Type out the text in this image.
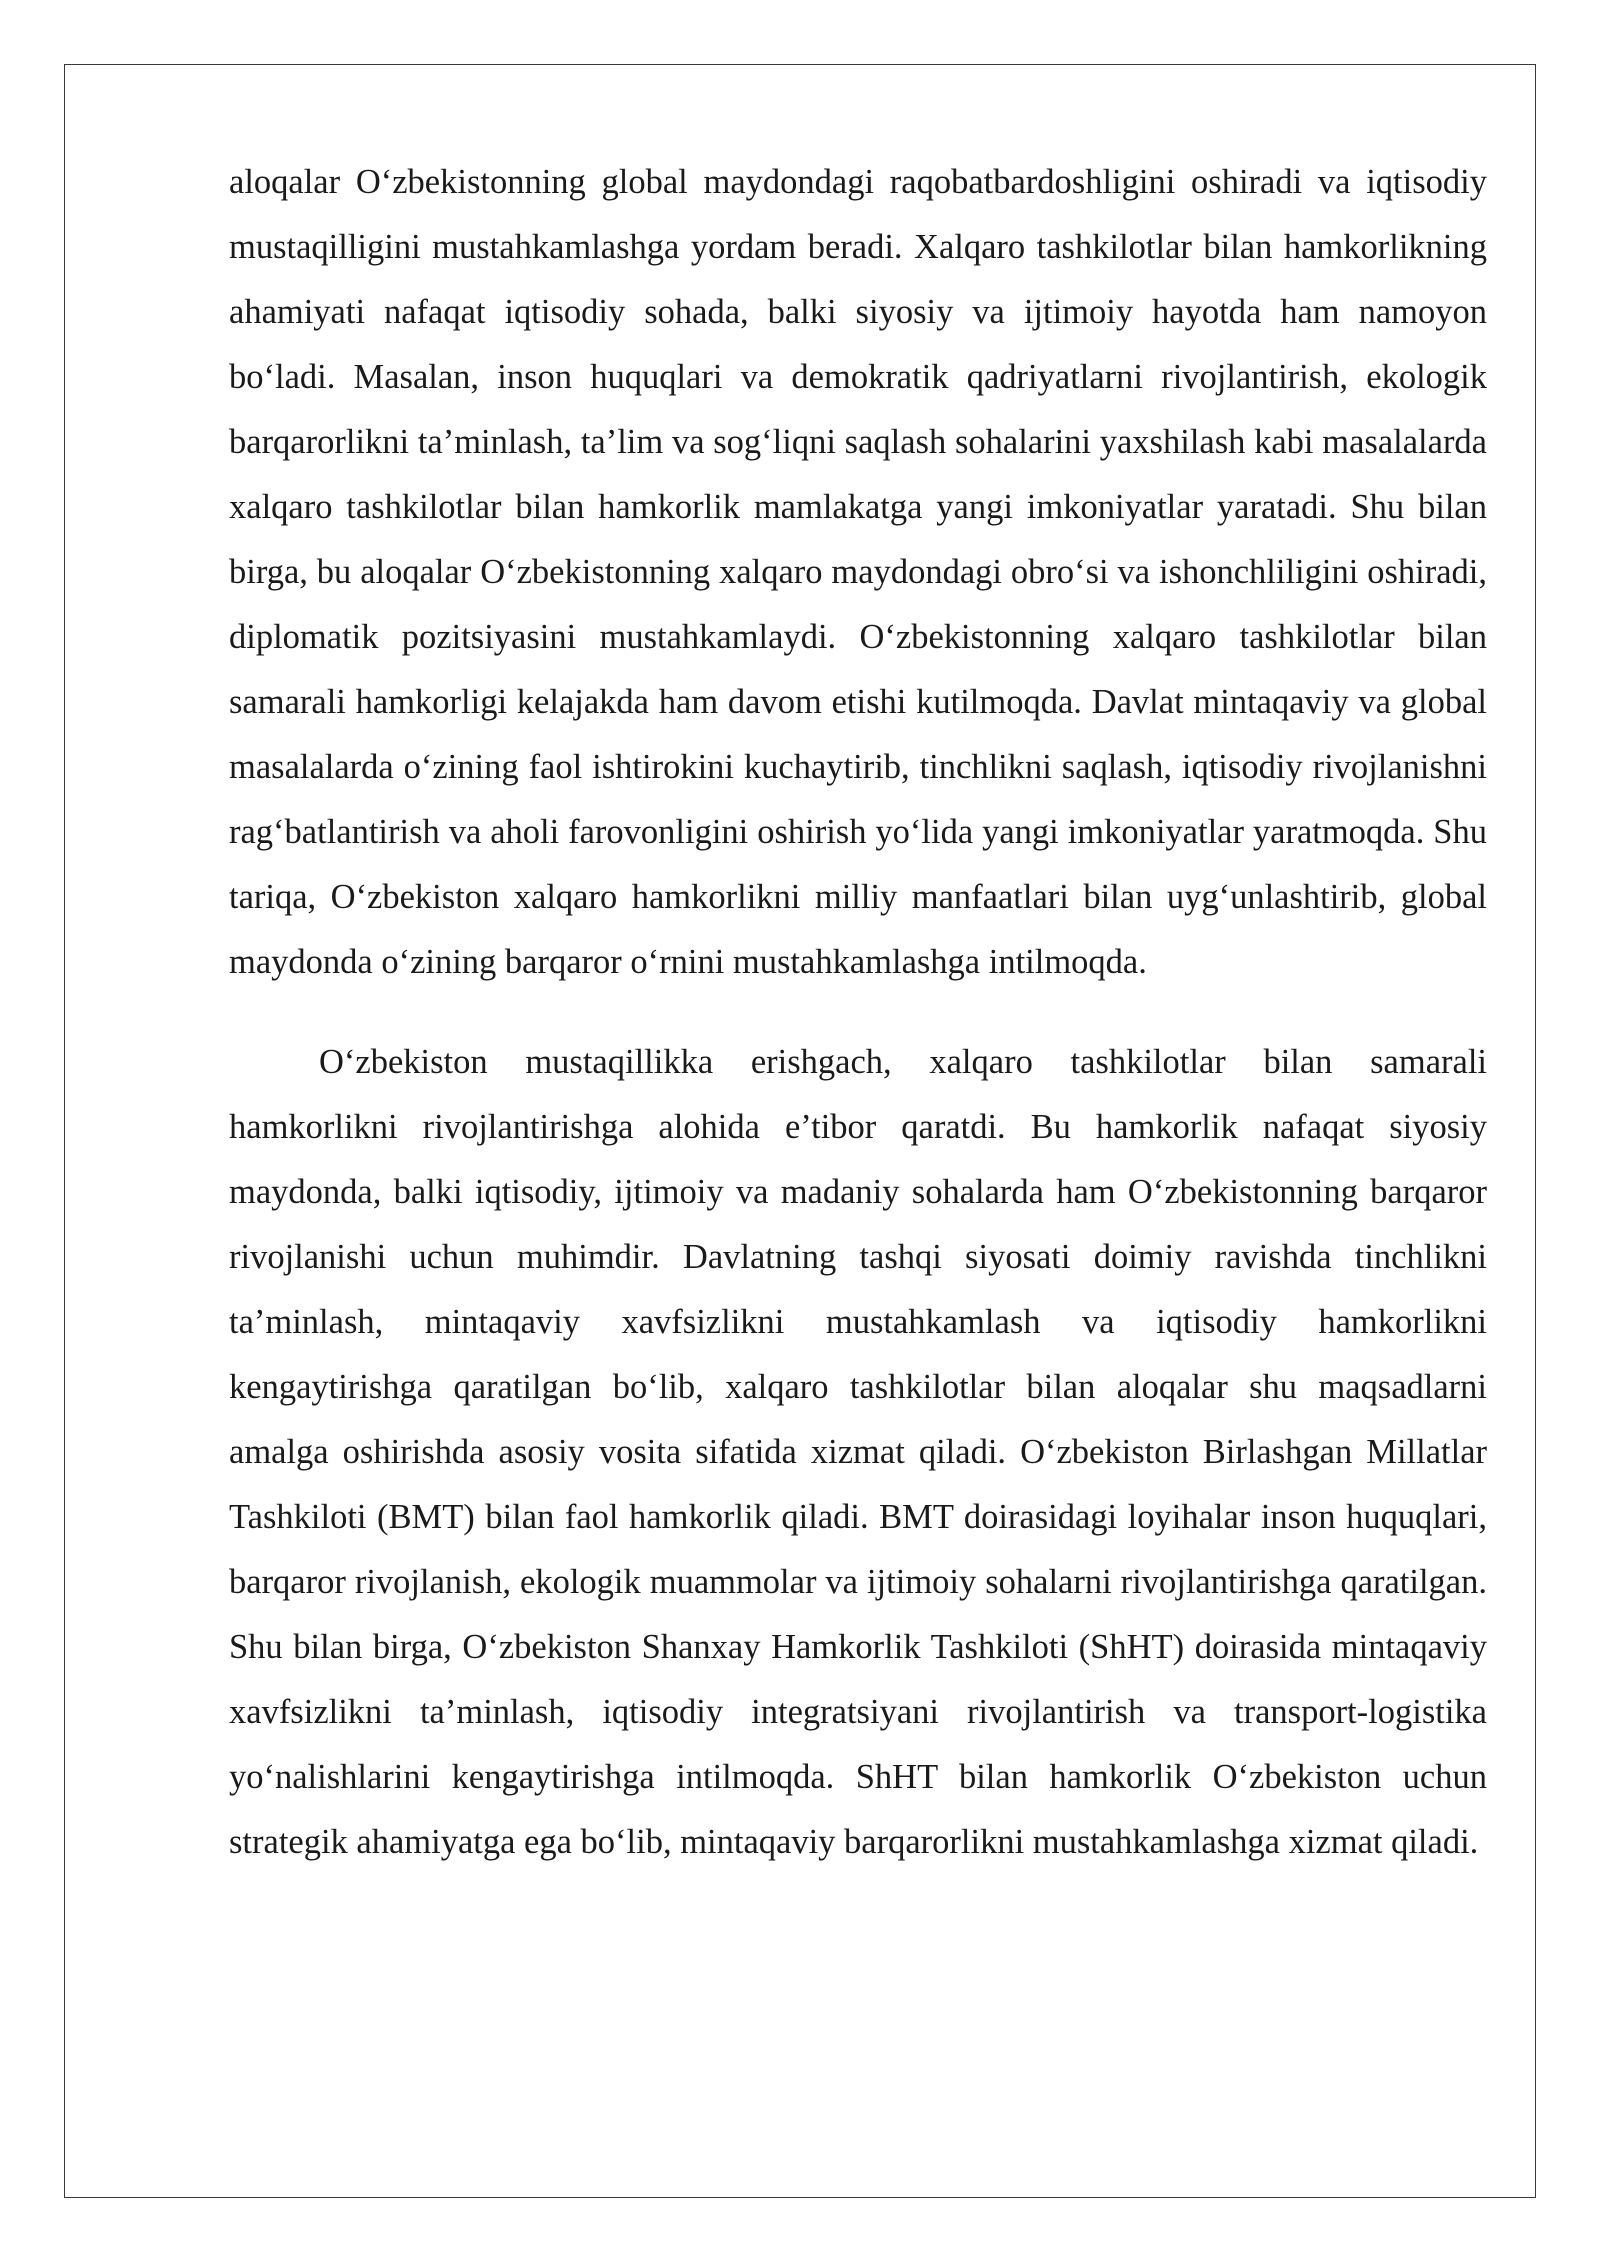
aloqalar O‘zbekistonning global maydondagi raqobatbardoshligini oshiradi va iqtisodiy mustaqilligini mustahkamlashga yordam beradi. Xalqaro tashkilotlar bilan hamkorlikning ahamiyati nafaqat iqtisodiy sohada, balki siyosiy va ijtimoiy hayotda ham namoyon bo‘ladi. Masalan, inson huquqlari va demokratik qadriyatlarni rivojlantirish, ekologik barqarorlikni ta’minlash, ta’lim va sog‘liqni saqlash sohalarini yaxshilash kabi masalalarda xalqaro tashkilotlar bilan hamkorlik mamlakatga yangi imkoniyatlar yaratadi. Shu bilan birga, bu aloqalar O‘zbekistonning xalqaro maydondagi obro‘si va ishonchliligini oshiradi, diplomatik pozitsiyasini mustahkamlaydi. O‘zbekistonning xalqaro tashkilotlar bilan samarali hamkorligi kelajakda ham davom etishi kutilmoqda. Davlat mintaqaviy va global masalalarda o‘zining faol ishtirokini kuchaytirib, tinchlikni saqlash, iqtisodiy rivojlanishni rag‘batlantirish va aholi farovonligini oshirish yo‘lida yangi imkoniyatlar yaratmoqda. Shu tariqa, O‘zbekiston xalqaro hamkorlikni milliy manfaatlari bilan uyg‘unlashtirib, global maydonda o‘zining barqaror o‘rnini mustahkamlashga intilmoqda.

O‘zbekiston mustaqillikka erishgach, xalqaro tashkilotlar bilan samarali hamkorlikni rivojlantirishga alohida e’tibor qaratdi. Bu hamkorlik nafaqat siyosiy maydonda, balki iqtisodiy, ijtimoiy va madaniy sohalarda ham O‘zbekistonning barqaror rivojlanishi uchun muhimdir. Davlatning tashqi siyosati doimiy ravishda tinchlikni ta’minlash, mintaqaviy xavfsizlikni mustahkamlash va iqtisodiy hamkorlikni kengaytirishga qaratilgan bo‘lib, xalqaro tashkilotlar bilan aloqalar shu maqsadlarni amalga oshirishda asosiy vosita sifatida xizmat qiladi. O‘zbekiston Birlashgan Millatlar Tashkiloti (BMT) bilan faol hamkorlik qiladi. BMT doirasidagi loyihalar inson huquqlari, barqaror rivojlanish, ekologik muammolar va ijtimoiy sohalarni rivojlantirishga qaratilgan. Shu bilan birga, O‘zbekiston Shanxay Hamkorlik Tashkiloti (ShHT) doirasida mintaqaviy xavfsizlikni ta’minlash, iqtisodiy integratsiyani rivojlantirish va transport-logistika yo‘nalishlarini kengaytirishga intilmoqda. ShHT bilan hamkorlik O‘zbekiston uchun strategik ahamiyatga ega bo‘lib, mintaqaviy barqarorlikni mustahkamlashga xizmat qiladi.
